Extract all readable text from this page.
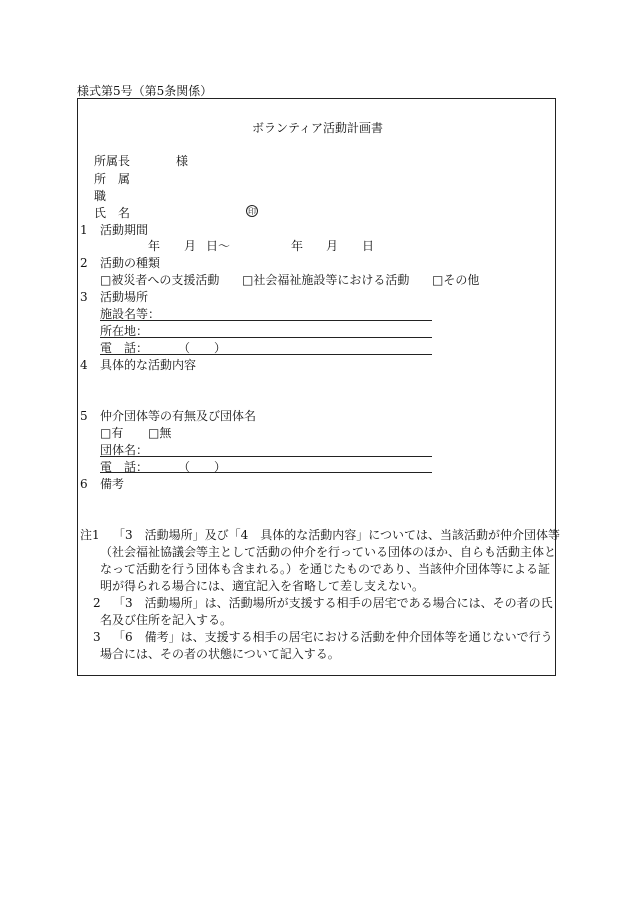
様式第5号（第5条関係）
ボランティア活動計画書
所属長	様
所　属
職
氏　名	印
1 活動期間
年 月 日〜	年 月 日
2 活動の種類
□被災者への支援活動 □社会福祉施設等における活動 □その他
3 活動場所
施設名等：
所在地：
電　話： （　　）
4 具体的な活動内容
5 仲介団体等の有無及び団体名
□有 □無
団体名：
電　話： （　　）
6 備考
注1 「3　活動場所」及び「4　具体的な活動内容」については、当該活動が仲介団体等
（社会福祉協議会等主として活動の仲介を行っている団体のほか、自らも活動主体と
なって活動を行う団体も含まれる。）を通じたものであり、当該仲介団体等による証
明が得られる場合には、適宜記入を省略して差し支えない。
2 「3　活動場所」は、活動場所が支援する相手の居宅である場合には、その者の氏
名及び住所を記入する。
3 「6　備考」は、支援する相手の居宅における活動を仲介団体等を通じないで行う
場合には、その者の状態について記入する。
